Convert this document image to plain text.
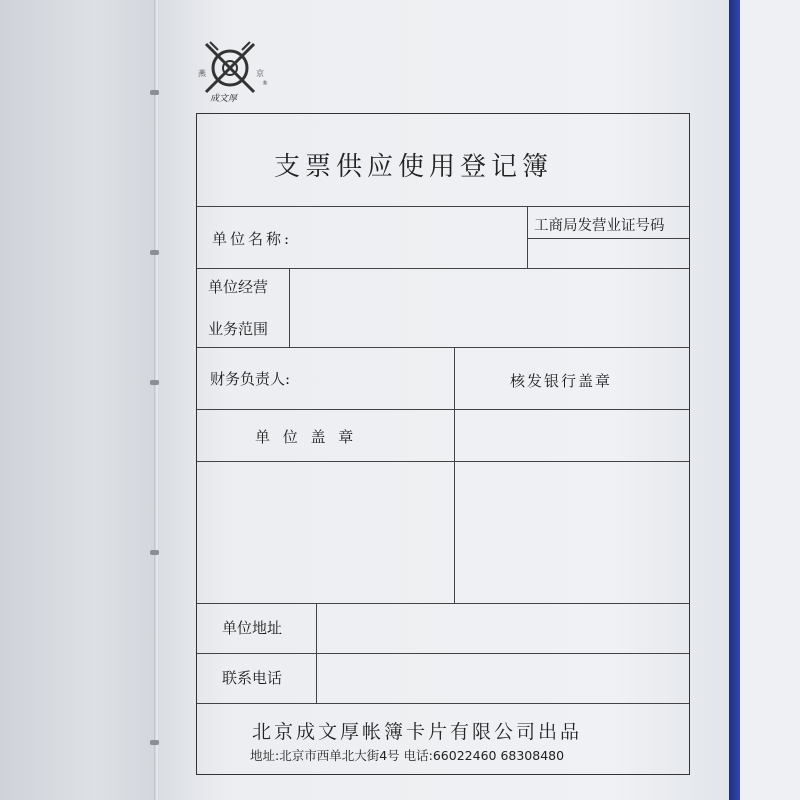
燕	京
®
成文厚
支票供应使用登记簿
单位名称:
工商局发营业证号码
单位经营
业务范围
财务负责人:	核发银行盖章
单 位 盖 章
单位地址
联系电话
北京成文厚帐簿卡片有限公司出品
地址:北京市西单北大街4号 电话:66022460 68308480
